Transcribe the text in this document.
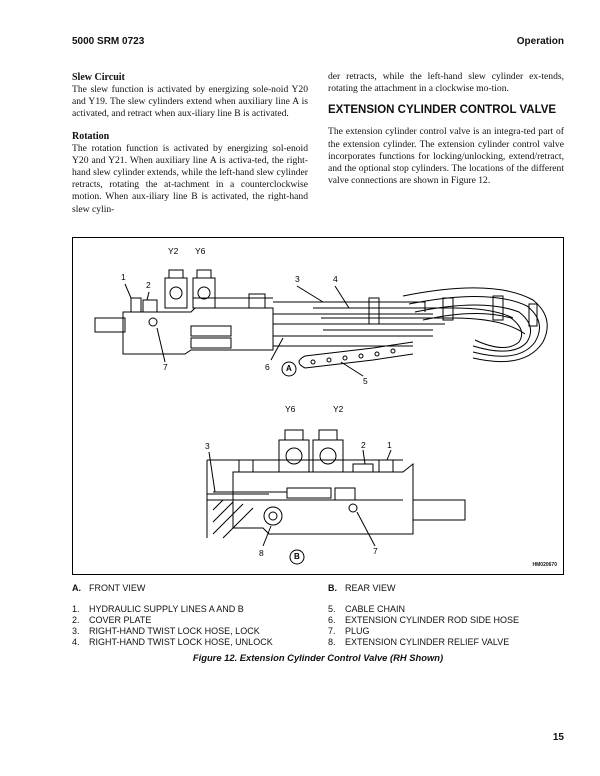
5000 SRM 0723	Operation
Slew Circuit

The slew function is activated by energizing sole-noid Y20 and Y19. The slew cylinders extend when auxiliary line A is activated, and retract when aux-iliary line B is activated.

Rotation

The rotation function is activated by energizing sol-enoid Y20 and Y21. When auxiliary line A is activa-ted, the right-hand slew cylinder extends, while the left-hand slew cylinder retracts, rotating the at-tachment in a counterclockwise motion. When aux-iliary line B is activated, the right-hand slew cylin-

der retracts, while the left-hand slew cylinder ex-tends, rotating the attachment in a clockwise mo-tion.

EXTENSION CYLINDER CONTROL VALVE

The extension cylinder control valve is an integra-ted part of the extension cylinder. The extension cylinder control valve incorporates functions for locking/unlocking, extend/retract, and the optional stop cylinders. The locations of the different valve connections are shown in Figure 12.

Y2 Y6
1
2
3	4
5
6
7	A
Y6	Y2
1
2
3
7
8	B
HM020670
A. FRONT VIEW
1. HYDRAULIC SUPPLY LINES A AND B
2. COVER PLATE
3. RIGHT-HAND TWIST LOCK HOSE, LOCK
4. RIGHT-HAND TWIST LOCK HOSE, UNLOCK
B. REAR VIEW
5. CABLE CHAIN
6. EXTENSION CYLINDER ROD SIDE HOSE
7. PLUG
8. EXTENSION CYLINDER RELIEF VALVE
Figure 12. Extension Cylinder Control Valve (RH Shown)
15
